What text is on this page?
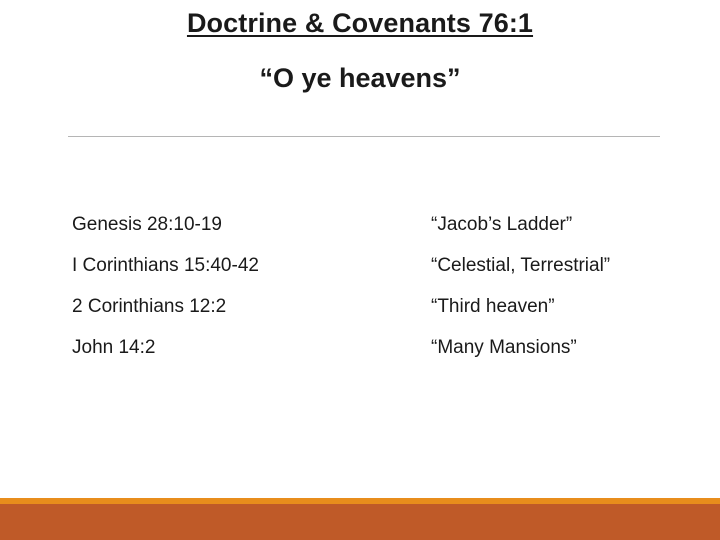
Doctrine & Covenants 76:1
“O ye heavens”
Genesis 28:10-19	“Jacob’s Ladder”
I Corinthians 15:40-42	“Celestial, Terrestrial”
2 Corinthians 12:2	“Third heaven”
John 14:2	“Many Mansions”
